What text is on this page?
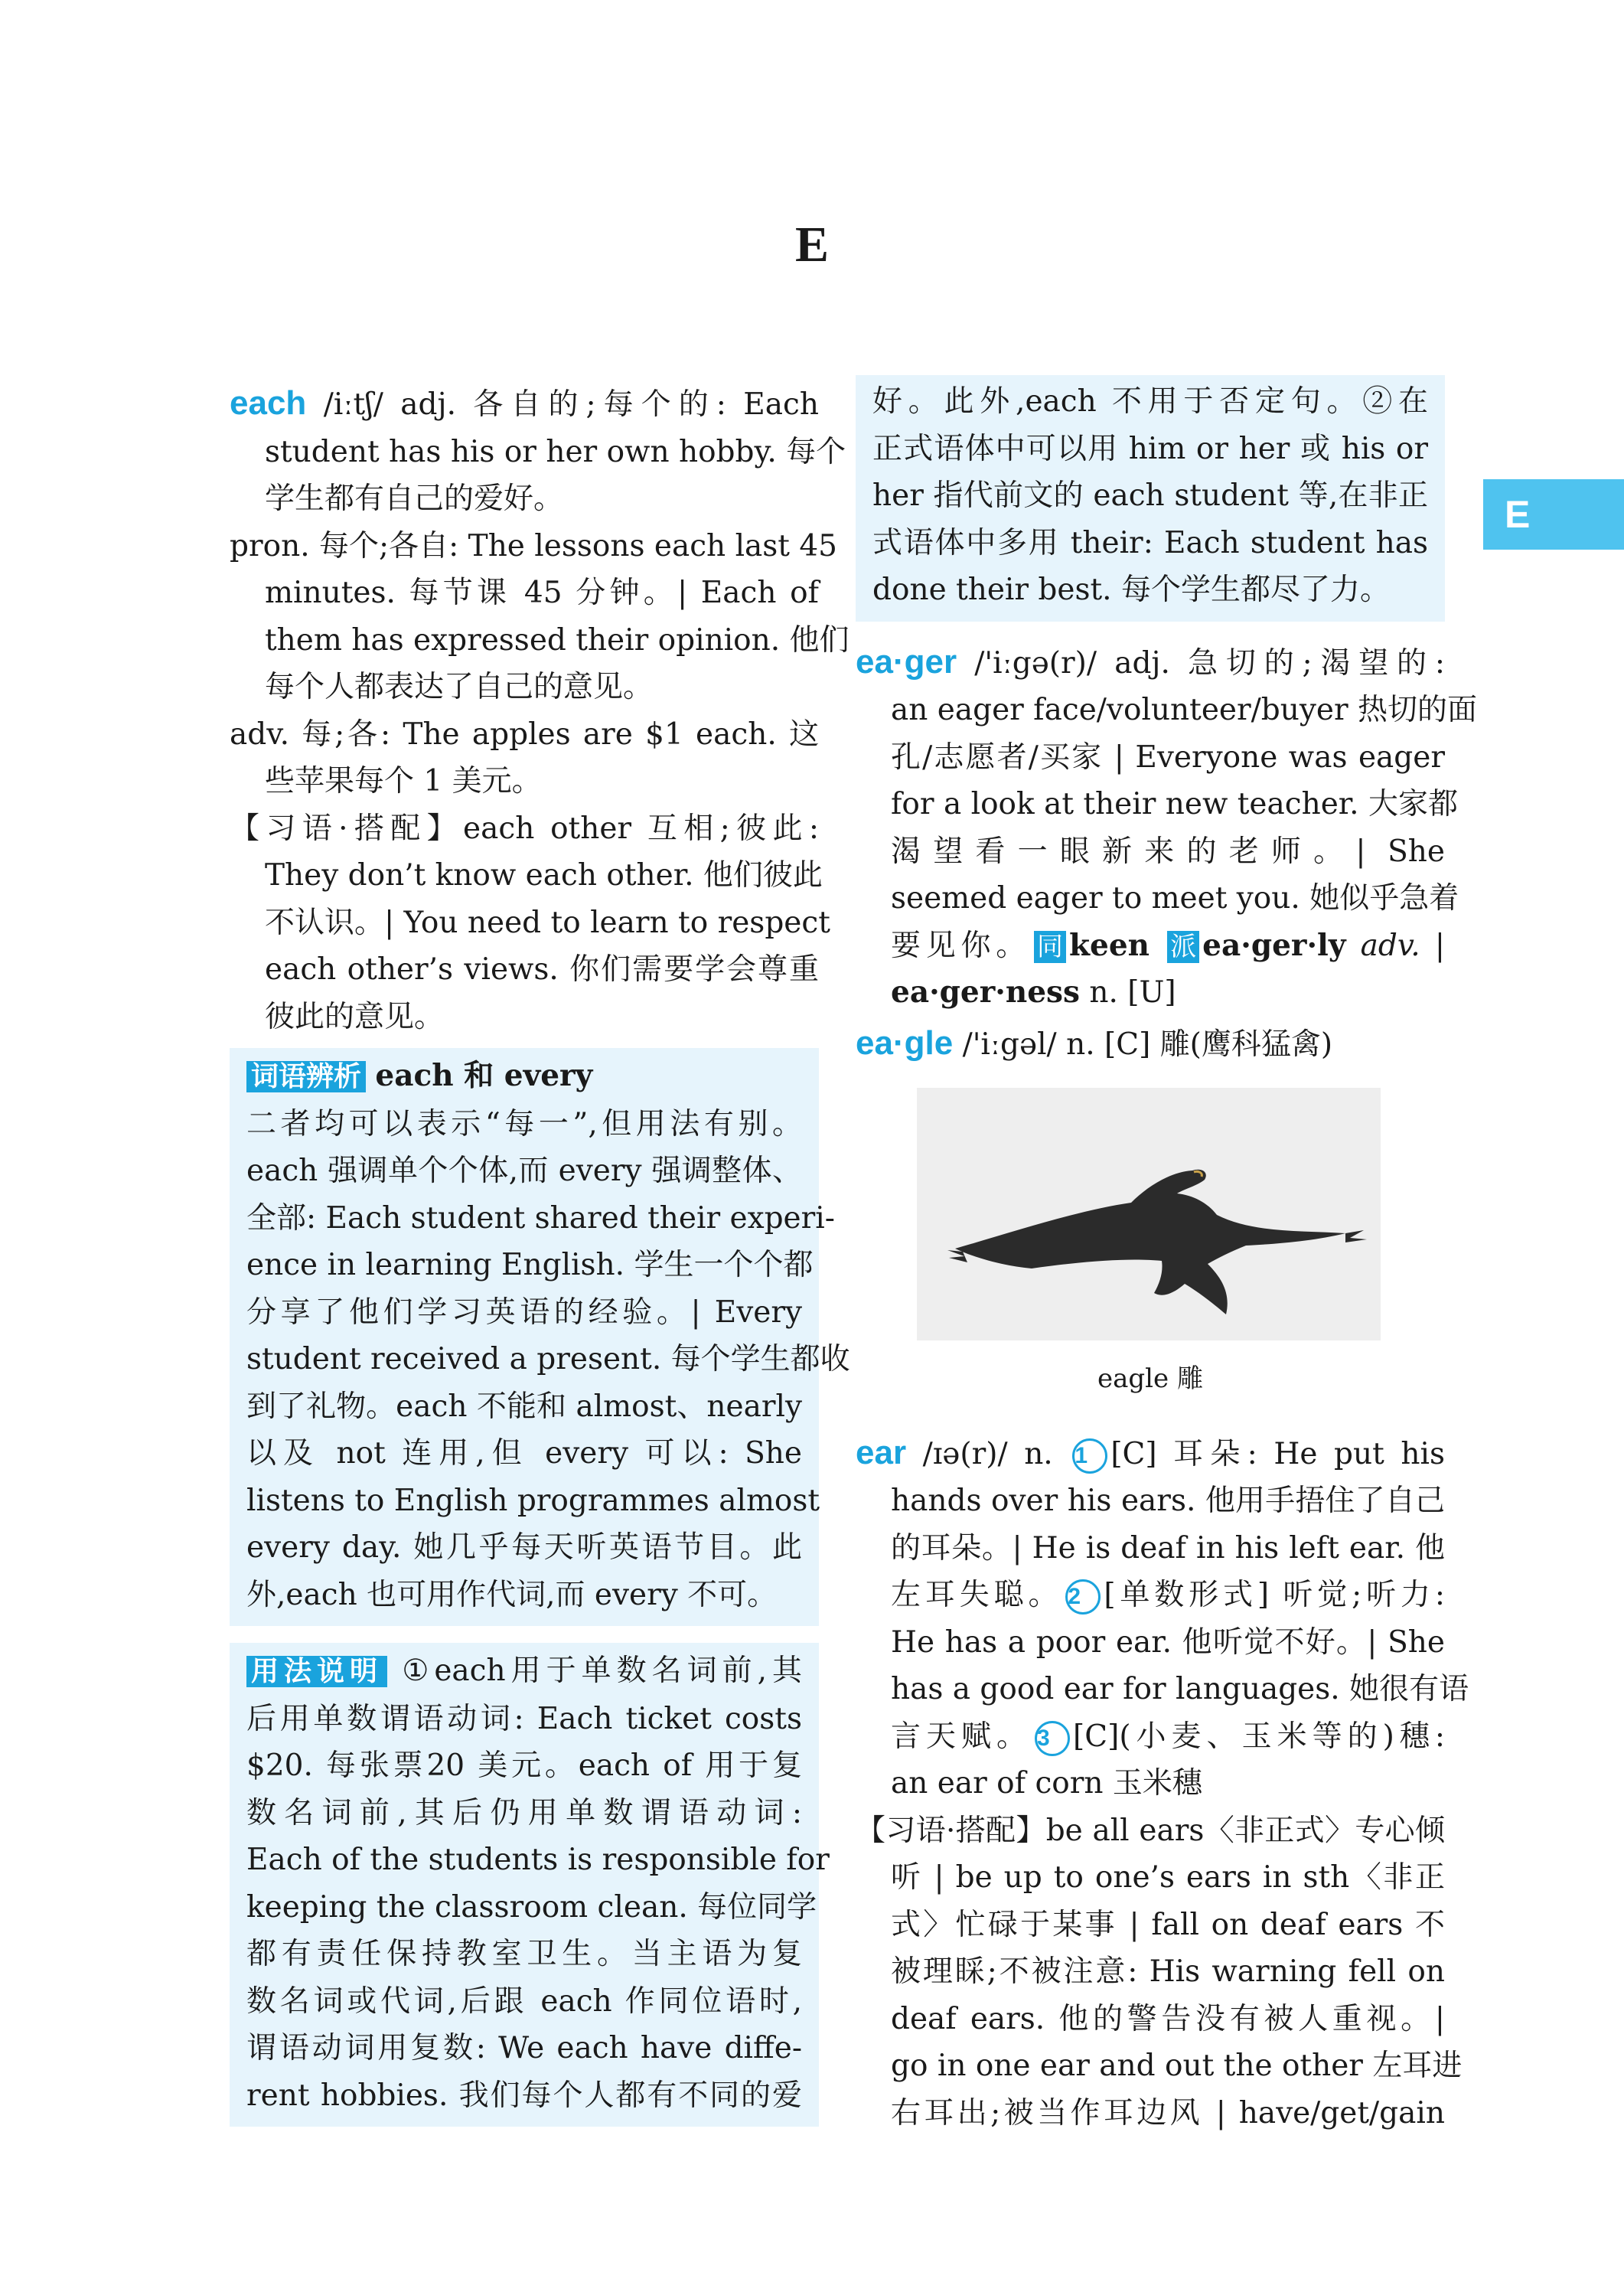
E
E
each /iːtʃ/ adj. 各自的;每个的: Each
student has his or her own hobby. 每个
学生都有自己的爱好。
pron. 每个;各自: The lessons each last 45
minutes. 每节课 45 分钟。| Each of
them has expressed their opinion. 他们
每个人都表达了自己的意见。
adv. 每;各: The apples are $1 each. 这
些苹果每个 1 美元。
【习语·搭配】each other 互相;彼此:
They don’t know each other. 他们彼此
不认识。| You need to learn to respect
each other’s views. 你们需要学会尊重
彼此的意见。
词语辨析 each 和 every
二者均可以表示“每一”,但用法有别。
each 强调单个个体,而 every 强调整体、
全部: Each student shared their experi-
ence in learning English. 学生一个个都
分享了他们学习英语的经验。| Every
student received a present. 每个学生都收
到了礼物。each 不能和 almost、nearly
以及 not 连用,但 every 可以: She
listens to English programmes almost
every day. 她几乎每天听英语节目。此
外,each 也可用作代词,而 every 不可。
用法说明 ①each用于单数名词前,其
后用单数谓语动词: Each ticket costs
$20. 每张票20 美元。each of 用于复
数名词前,其后仍用单数谓语动词:
Each of the students is responsible for
keeping the classroom clean. 每位同学
都有责任保持教室卫生。当主语为复
数名词或代词,后跟 each 作同位语时,
谓语动词用复数: We each have diffe-
rent hobbies. 我们每个人都有不同的爱
好。此外,each 不用于否定句。②在
正式语体中可以用 him or her 或 his or
her 指代前文的 each student 等,在非正
式语体中多用 their: Each student has
done their best. 每个学生都尽了力。
ea·ger /'iːgə(r)/ adj. 急切的;渴望的:
an eager face/volunteer/buyer 热切的面
孔/志愿者/买家 | Everyone was eager
for a look at their new teacher. 大家都
渴望看一眼新来的老师。| She
seemed eager to meet you. 她似乎急着
要见你。 同 keen 派 ea·ger·ly adv. |
ea·ger·ness n. [U]
ea·gle /'iːgəl/ n. [C] 雕(鹰科猛禽)
eagle 雕
ear /ɪə(r)/ n. 1 [C] 耳朵: He put his
hands over his ears. 他用手捂住了自己
的耳朵。| He is deaf in his left ear. 他
左耳失聪。 2 [单数形式] 听觉;听力:
He has a poor ear. 他听觉不好。| She
has a good ear for languages. 她很有语
言天赋。 3 [C](小麦、玉米等的)穗:
an ear of corn 玉米穗
【习语·搭配】be all ears〈非正式〉专心倾
听 | be up to one’s ears in sth〈非正
式〉忙碌于某事 | fall on deaf ears 不
被理睬;不被注意: His warning fell on
deaf ears. 他的警告没有被人重视。|
go in one ear and out the other 左耳进
右耳出;被当作耳边风 | have/get/gain
